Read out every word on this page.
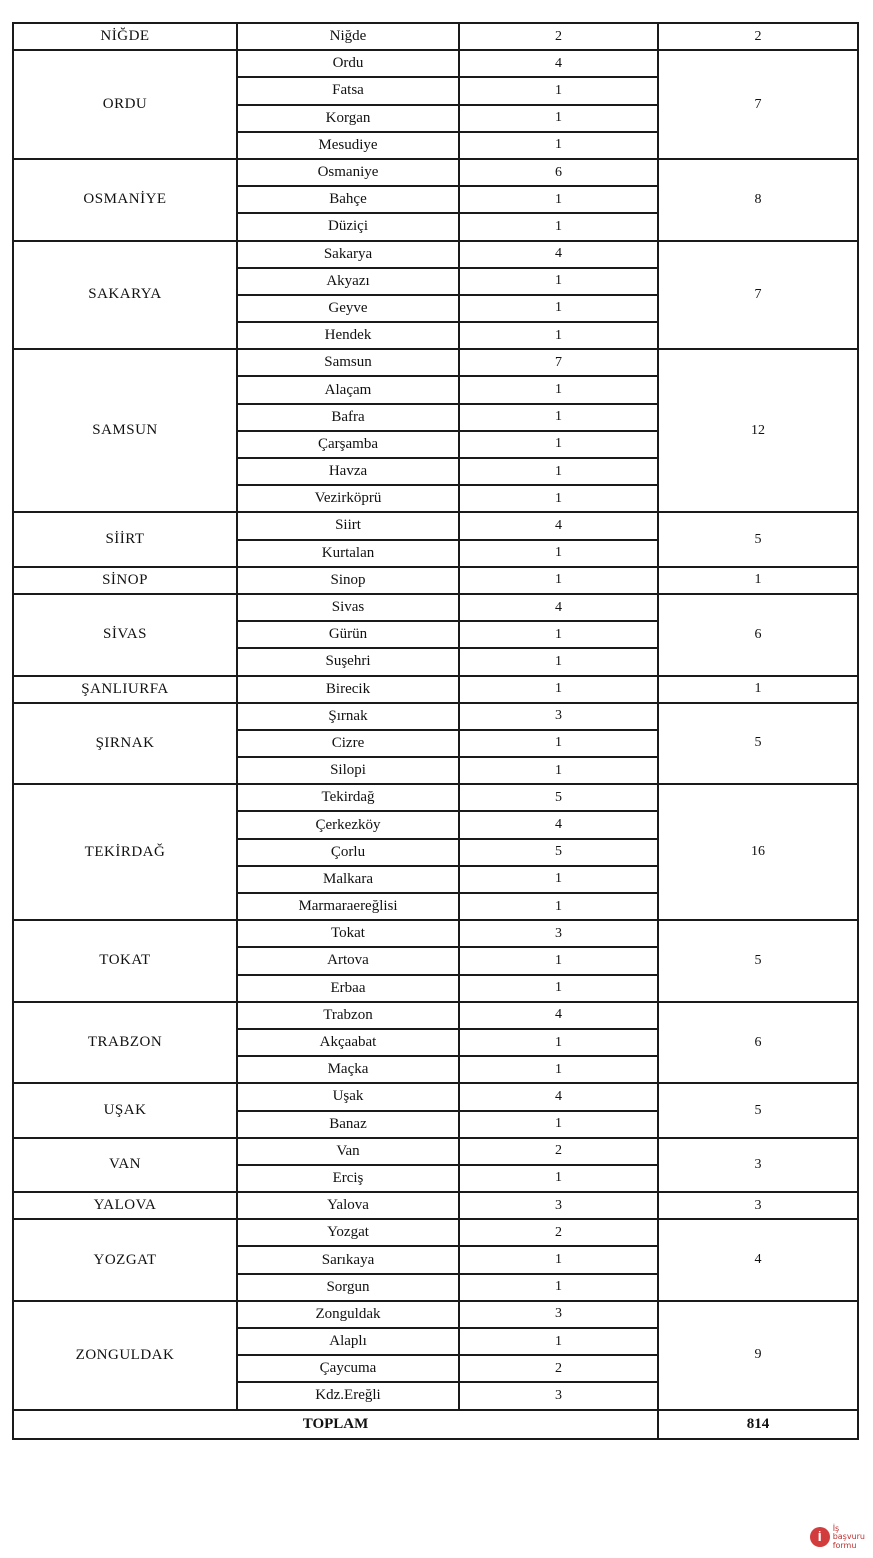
NİĞDE	Niğde	2	2
ORDU	Ordu	4	7
	Fatsa	1	
	Korgan	1	
	Mesudiye	1	
OSMANİYE	Osmaniye	6	8
	Bahçe	1	
	Düziçi	1	
SAKARYA	Sakarya	4	7
	Akyazı	1	
	Geyve	1	
	Hendek	1	
SAMSUN	Samsun	7	12
	Alaçam	1	
	Bafra	1	
	Çarşamba	1	
	Havza	1	
	Vezirköprü	1	
SİİRT	Siirt	4	5
	Kurtalan	1	
SİNOP	Sinop	1	1
SİVAS	Sivas	4	6
	Gürün	1	
	Suşehri	1	
ŞANLIURFA	Birecik	1	1
ŞIRNAK	Şırnak	3	5
	Cizre	1	
	Silopi	1	
TEKİRDAĞ	Tekirdağ	5	16
	Çerkezköy	4	
	Çorlu	5	
	Malkara	1	
	Marmaraereğlisi	1	
TOKAT	Tokat	3	5
	Artova	1	
	Erbaa	1	
TRABZON	Trabzon	4	6
	Akçaabat	1	
	Maçka	1	
UŞAK	Uşak	4	5
	Banaz	1	
VAN	Van	2	3
	Erciş	1	
YALOVA	Yalova	3	3
YOZGAT	Yozgat	2	4
	Sarıkaya	1	
	Sorgun	1	
ZONGULDAK	Zonguldak	3	9
	Alaplı	1	
	Çaycuma	2	
	Kdz.Ereğli	3	
TOPLAM			814
İ
İş
başvuru
formu
